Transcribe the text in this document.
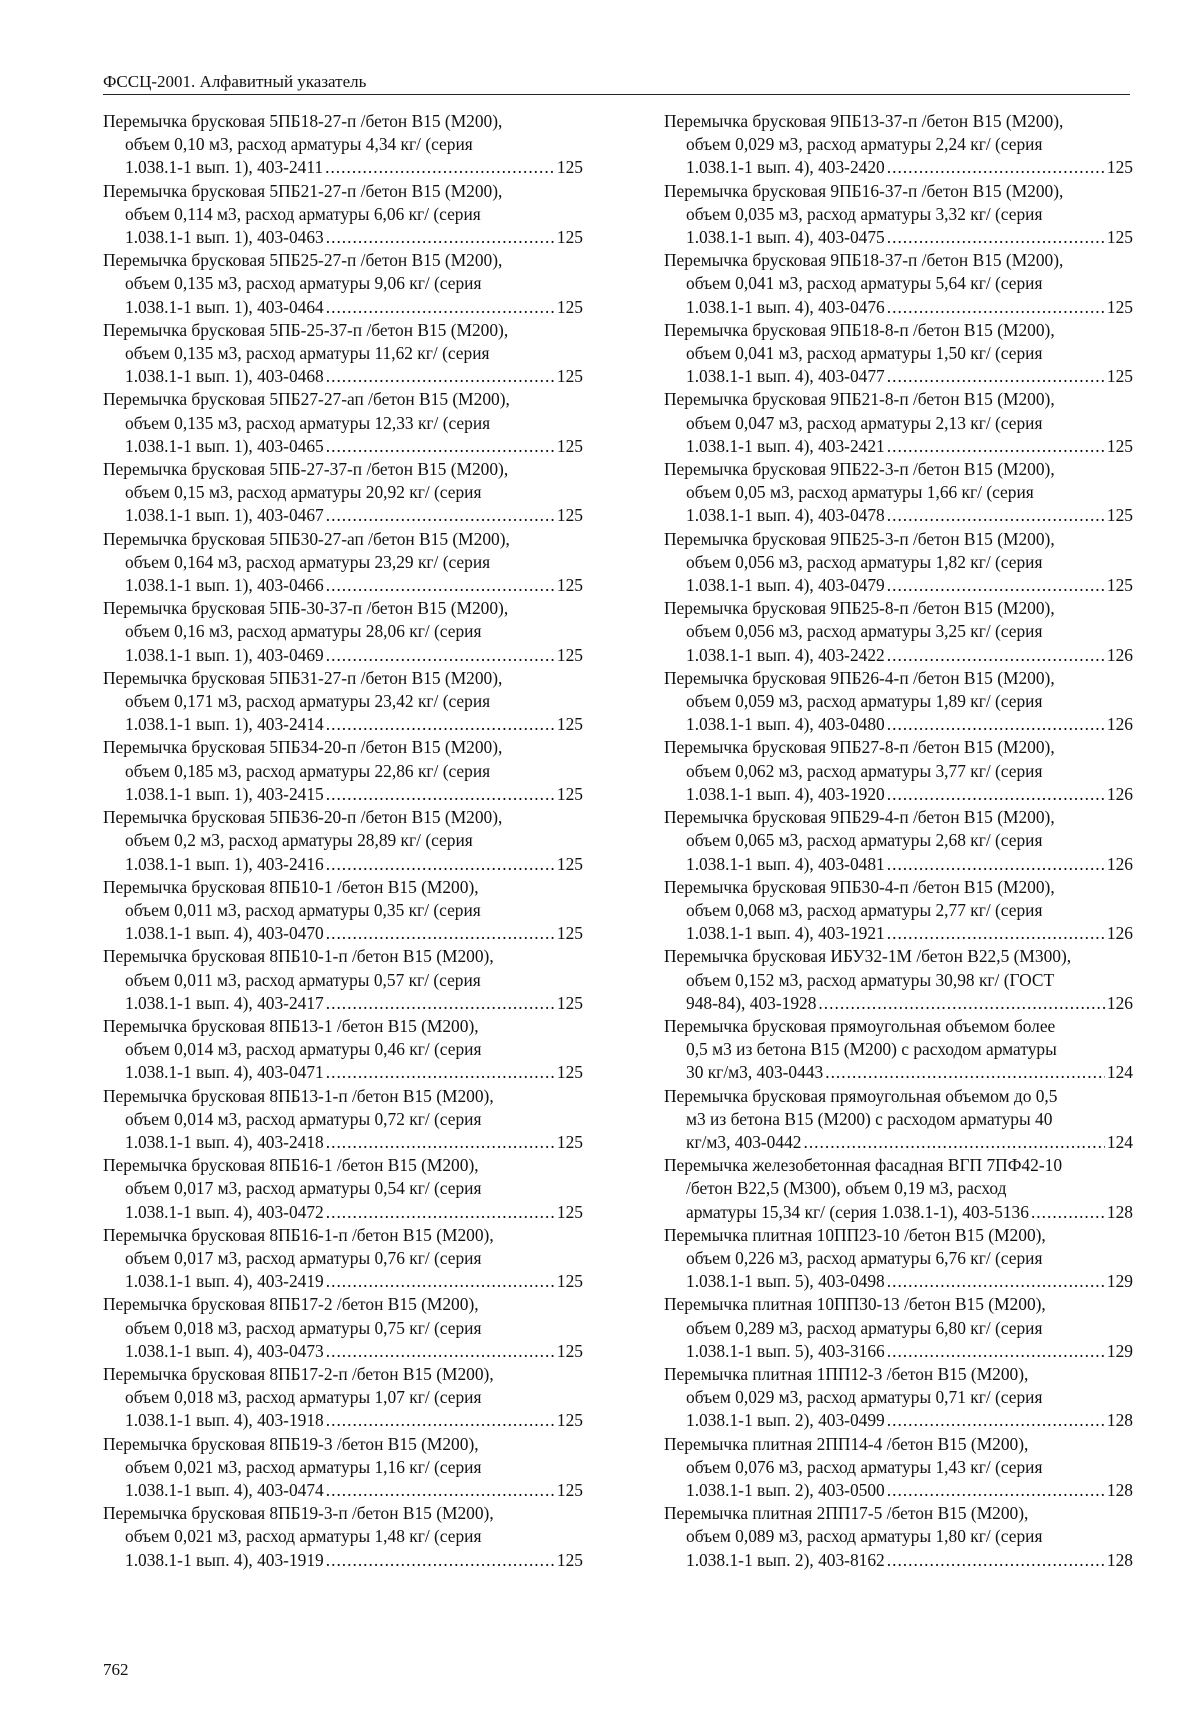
ФССЦ-2001. Алфавитный указатель
Перемычка брусковая 5ПБ18-27-п /бетон В15 (М200),
объем 0,10 м3, расход арматуры 4,34 кг/ (серия
1.038.1-1 вып. 1), 403-2411 .....	125
Перемычка брусковая 5ПБ21-27-п /бетон В15 (М200),
объем 0,114 м3, расход арматуры 6,06 кг/ (серия
1.038.1-1 вып. 1), 403-0463 .....	125
Перемычка брусковая 5ПБ25-27-п /бетон В15 (М200),
объем 0,135 м3, расход арматуры 9,06 кг/ (серия
1.038.1-1 вып. 1), 403-0464 .....	125
Перемычка брусковая 5ПБ-25-37-п /бетон В15 (М200),
объем 0,135 м3, расход арматуры 11,62 кг/ (серия
1.038.1-1 вып. 1), 403-0468 .....	125
Перемычка брусковая 5ПБ27-27-ап /бетон В15 (М200),
объем 0,135 м3, расход арматуры 12,33 кг/ (серия
1.038.1-1 вып. 1), 403-0465 .....	125
Перемычка брусковая 5ПБ-27-37-п /бетон В15 (М200),
объем 0,15 м3, расход арматуры 20,92 кг/ (серия
1.038.1-1 вып. 1), 403-0467 .....	125
Перемычка брусковая 5ПБ30-27-ап /бетон В15 (М200),
объем 0,164 м3, расход арматуры 23,29 кг/ (серия
1.038.1-1 вып. 1), 403-0466 .....	125
Перемычка брусковая 5ПБ-30-37-п /бетон В15 (М200),
объем 0,16 м3, расход арматуры 28,06 кг/ (серия
1.038.1-1 вып. 1), 403-0469 .....	125
Перемычка брусковая 5ПБ31-27-п /бетон В15 (М200),
объем 0,171 м3, расход арматуры 23,42 кг/ (серия
1.038.1-1 вып. 1), 403-2414 .....	125
Перемычка брусковая 5ПБ34-20-п /бетон В15 (М200),
объем 0,185 м3, расход арматуры 22,86 кг/ (серия
1.038.1-1 вып. 1), 403-2415 .....	125
Перемычка брусковая 5ПБ36-20-п /бетон В15 (М200),
объем 0,2 м3, расход арматуры 28,89 кг/ (серия
1.038.1-1 вып. 1), 403-2416 .....	125
Перемычка брусковая 8ПБ10-1 /бетон В15 (М200),
объем 0,011 м3, расход арматуры 0,35 кг/ (серия
1.038.1-1 вып. 4), 403-0470 .....	125
Перемычка брусковая 8ПБ10-1-п /бетон В15 (М200),
объем 0,011 м3, расход арматуры 0,57 кг/ (серия
1.038.1-1 вып. 4), 403-2417 .....	125
Перемычка брусковая 8ПБ13-1 /бетон В15 (М200),
объем 0,014 м3, расход арматуры 0,46 кг/ (серия
1.038.1-1 вып. 4), 403-0471 .....	125
Перемычка брусковая 8ПБ13-1-п /бетон В15 (М200),
объем 0,014 м3, расход арматуры 0,72 кг/ (серия
1.038.1-1 вып. 4), 403-2418 .....	125
Перемычка брусковая 8ПБ16-1 /бетон В15 (М200),
объем 0,017 м3, расход арматуры 0,54 кг/ (серия
1.038.1-1 вып. 4), 403-0472 .....	125
Перемычка брусковая 8ПБ16-1-п /бетон В15 (М200),
объем 0,017 м3, расход арматуры 0,76 кг/ (серия
1.038.1-1 вып. 4), 403-2419 .....	125
Перемычка брусковая 8ПБ17-2 /бетон В15 (М200),
объем 0,018 м3, расход арматуры 0,75 кг/ (серия
1.038.1-1 вып. 4), 403-0473 .....	125
Перемычка брусковая 8ПБ17-2-п /бетон В15 (М200),
объем 0,018 м3, расход арматуры 1,07 кг/ (серия
1.038.1-1 вып. 4), 403-1918 .....	125
Перемычка брусковая 8ПБ19-3 /бетон В15 (М200),
объем 0,021 м3, расход арматуры 1,16 кг/ (серия
1.038.1-1 вып. 4), 403-0474 .....	125
Перемычка брусковая 8ПБ19-3-п /бетон В15 (М200),
объем 0,021 м3, расход арматуры 1,48 кг/ (серия
1.038.1-1 вып. 4), 403-1919 .....	125
Перемычка брусковая 9ПБ13-37-п /бетон В15 (М200),
объем 0,029 м3, расход арматуры 2,24 кг/ (серия
1.038.1-1 вып. 4), 403-2420 .....	125
Перемычка брусковая 9ПБ16-37-п /бетон В15 (М200),
объем 0,035 м3, расход арматуры 3,32 кг/ (серия
1.038.1-1 вып. 4), 403-0475 .....	125
Перемычка брусковая 9ПБ18-37-п /бетон В15 (М200),
объем 0,041 м3, расход арматуры 5,64 кг/ (серия
1.038.1-1 вып. 4), 403-0476 .....	125
Перемычка брусковая 9ПБ18-8-п /бетон В15 (М200),
объем 0,041 м3, расход арматуры 1,50 кг/ (серия
1.038.1-1 вып. 4), 403-0477 .....	125
Перемычка брусковая 9ПБ21-8-п /бетон В15 (М200),
объем 0,047 м3, расход арматуры 2,13 кг/ (серия
1.038.1-1 вып. 4), 403-2421 .....	125
Перемычка брусковая 9ПБ22-3-п /бетон В15 (М200),
объем 0,05 м3, расход арматуры 1,66 кг/ (серия
1.038.1-1 вып. 4), 403-0478 .....	125
Перемычка брусковая 9ПБ25-3-п /бетон В15 (М200),
объем 0,056 м3, расход арматуры 1,82 кг/ (серия
1.038.1-1 вып. 4), 403-0479 .....	125
Перемычка брусковая 9ПБ25-8-п /бетон В15 (М200),
объем 0,056 м3, расход арматуры 3,25 кг/ (серия
1.038.1-1 вып. 4), 403-2422 .....	126
Перемычка брусковая 9ПБ26-4-п /бетон В15 (М200),
объем 0,059 м3, расход арматуры 1,89 кг/ (серия
1.038.1-1 вып. 4), 403-0480 .....	126
Перемычка брусковая 9ПБ27-8-п /бетон В15 (М200),
объем 0,062 м3, расход арматуры 3,77 кг/ (серия
1.038.1-1 вып. 4), 403-1920 .....	126
Перемычка брусковая 9ПБ29-4-п /бетон В15 (М200),
объем 0,065 м3, расход арматуры 2,68 кг/ (серия
1.038.1-1 вып. 4), 403-0481 .....	126
Перемычка брусковая 9ПБ30-4-п /бетон В15 (М200),
объем 0,068 м3, расход арматуры 2,77 кг/ (серия
1.038.1-1 вып. 4), 403-1921 .....	126
Перемычка брусковая ИБУ32-1М /бетон В22,5 (М300),
объем 0,152 м3, расход арматуры 30,98 кг/ (ГОСТ
948-84), 403-1928 .....	126
Перемычка брусковая прямоугольная объемом более
0,5 м3 из бетона В15 (М200) с расходом арматуры
30 кг/м3, 403-0443 .....	124
Перемычка брусковая прямоугольная объемом до 0,5
м3 из бетона В15 (М200) с расходом арматуры 40
кг/м3, 403-0442 .....	124
Перемычка железобетонная фасадная ВГП 7ПФ42-10
/бетон В22,5 (М300), объем 0,19 м3, расход
арматуры 15,34 кг/ (серия 1.038.1-1), 403-5136 .....	128
Перемычка плитная 10ПП23-10 /бетон В15 (М200),
объем 0,226 м3, расход арматуры 6,76 кг/ (серия
1.038.1-1 вып. 5), 403-0498 .....	129
Перемычка плитная 10ПП30-13 /бетон В15 (М200),
объем 0,289 м3, расход арматуры 6,80 кг/ (серия
1.038.1-1 вып. 5), 403-3166 .....	129
Перемычка плитная 1ПП12-3 /бетон В15 (М200),
объем 0,029 м3, расход арматуры 0,71 кг/ (серия
1.038.1-1 вып. 2), 403-0499 .....	128
Перемычка плитная 2ПП14-4 /бетон В15 (М200),
объем 0,076 м3, расход арматуры 1,43 кг/ (серия
1.038.1-1 вып. 2), 403-0500 .....	128
Перемычка плитная 2ПП17-5 /бетон В15 (М200),
объем 0,089 м3, расход арматуры 1,80 кг/ (серия
1.038.1-1 вып. 2), 403-8162 .....	128
762
